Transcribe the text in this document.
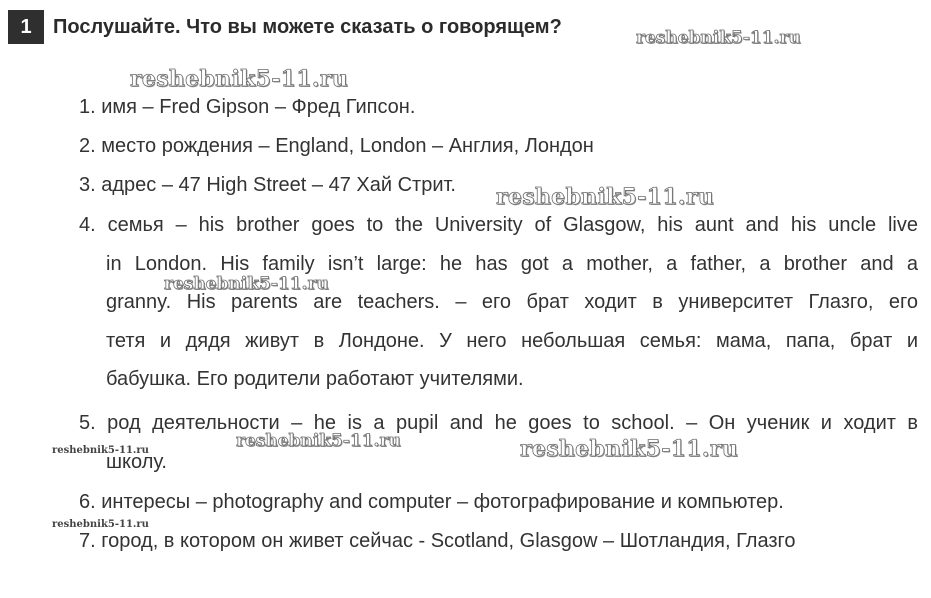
1	Послушайте. Что вы можете сказать о говорящем?
1. имя – Fred Gipson – Фред Гипсон.
2. место рождения – England, London – Англия, Лондон
3. адрес – 47 High Street – 47 Хай Стрит.
4. семья – his brother goes to the University of Glasgow, his aunt and his uncle live
in London. His family isn’t large: he has got a mother, a father, a brother and a
granny. His parents are teachers. – его брат ходит в университет Глазго, его
тетя и дядя живут в Лондоне. У него небольшая семья: мама, папа, брат и
бабушка. Его родители работают учителями.
5. род деятельности – he is a pupil and he goes to school. – Он ученик и ходит в
школу.
6. интересы – photography and computer – фотографирование и компьютер.
7. город, в котором он живет сейчас - Scotland, Glasgow – Шотландия, Глазго
reshebnik5-11.ru
reshebnik5-11.ru
reshebnik5-11.ru
reshebnik5-11.ru
reshebnik5-11.ru	reshebnik5-11.ru
reshebnik5-11.ru
reshebnik5-11.ru
